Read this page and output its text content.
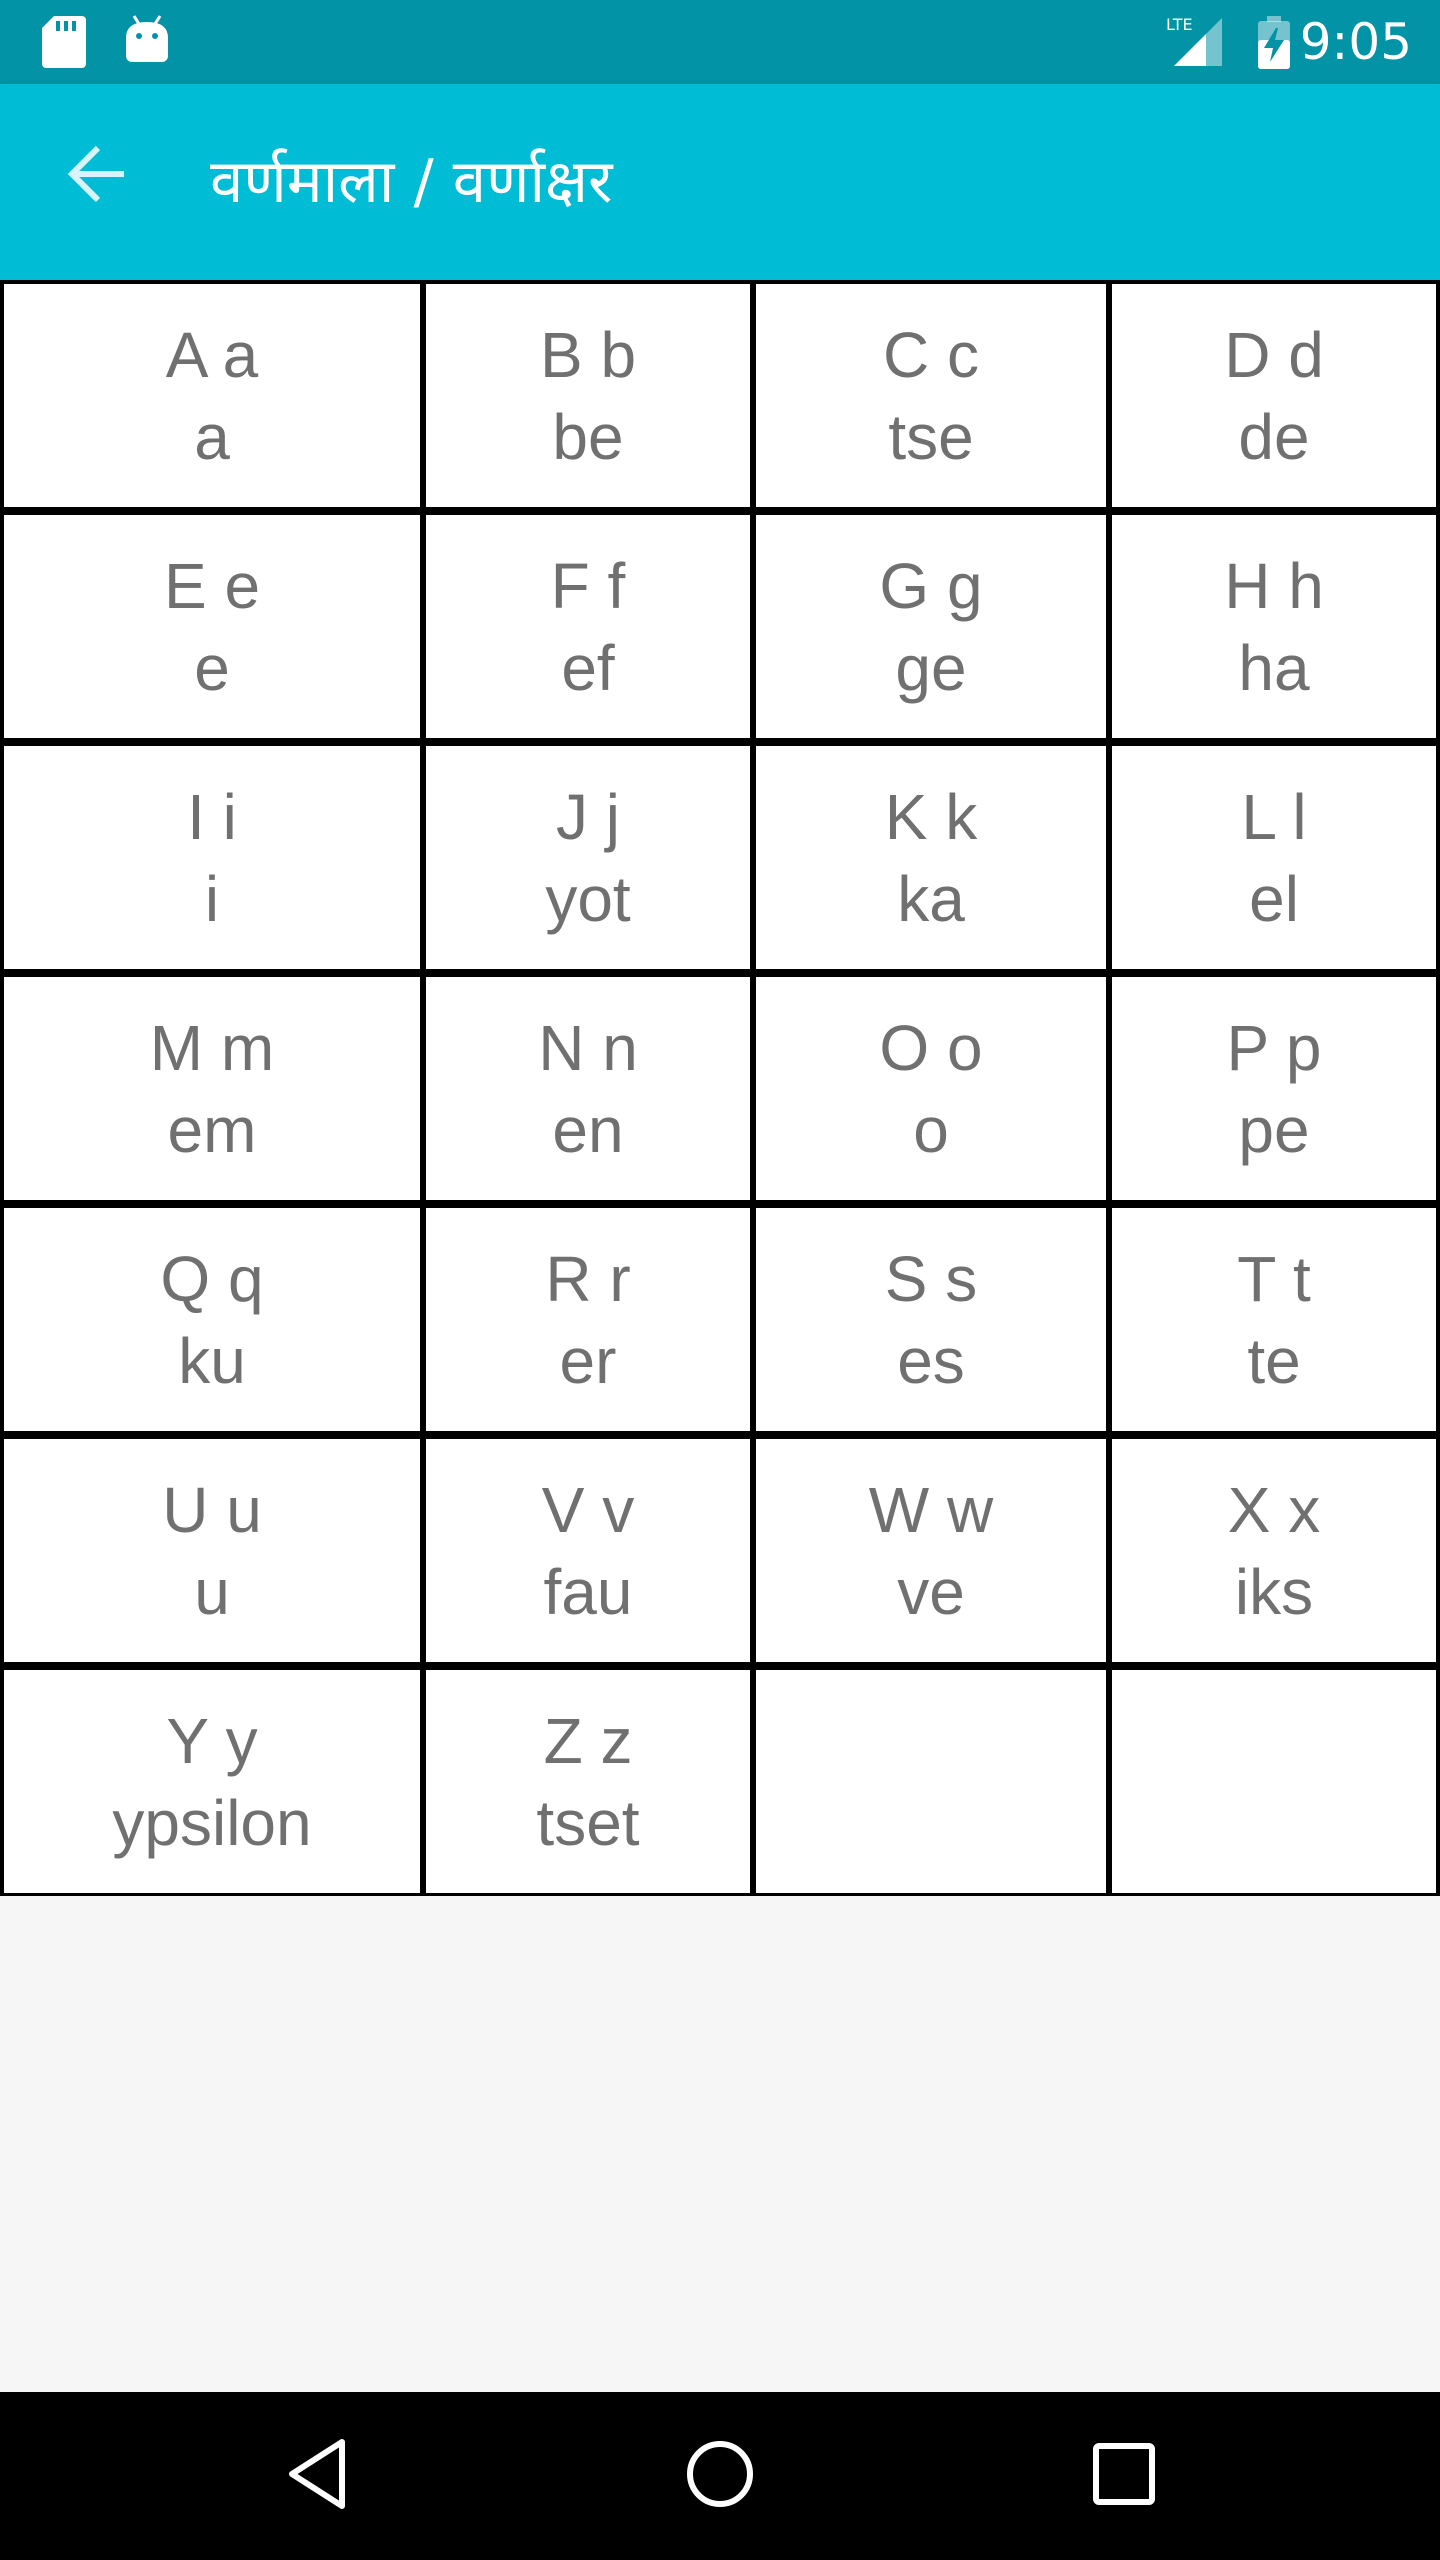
LTE 9:05
वर्णमाला / वर्णाक्षर
A a
a
B b
be
C c
tse
D d
de
E e
e
F f
ef
G g
ge
H h
ha
I i
i
J j
yot
K k
ka
L l
el
M m
em
N n
en
O o
o
P p
pe
Q q
ku
R r
er
S s
es
T t
te
U u
u
V v
fau
W w
ve
X x
iks
Y y
ypsilon
Z z
tset
